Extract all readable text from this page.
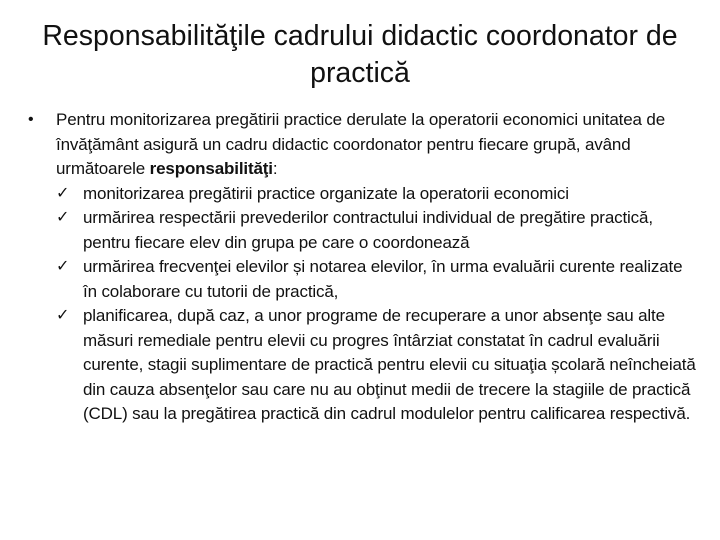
Responsabilităţile cadrului didactic coordonator de practică
•	Pentru monitorizarea pregătirii practice derulate la operatorii economici unitatea de învăţământ asigură un cadru didactic coordonator pentru fiecare grupă, având următoarele responsabilităţi:
✓ monitorizarea pregătirii practice organizate la operatorii economici
✓ urmărirea respectării prevederilor contractului individual de pregătire practică, pentru fiecare elev din grupa pe care o coordonează
✓ urmărirea frecvenţei elevilor și notarea elevilor, în urma evaluării curente realizate în colaborare cu tutorii de practică,
✓ planificarea, după caz, a unor programe de recuperare a unor absenţe sau alte măsuri remediale pentru elevii cu progres întârziat constatat în cadrul evaluării curente, stagii suplimentare de practică pentru elevii cu situaţia școlară neîncheiată din cauza absenţelor sau care nu au obţinut medii de trecere la stagiile de practică (CDL) sau la pregătirea practică din cadrul modulelor pentru calificarea respectivă.
